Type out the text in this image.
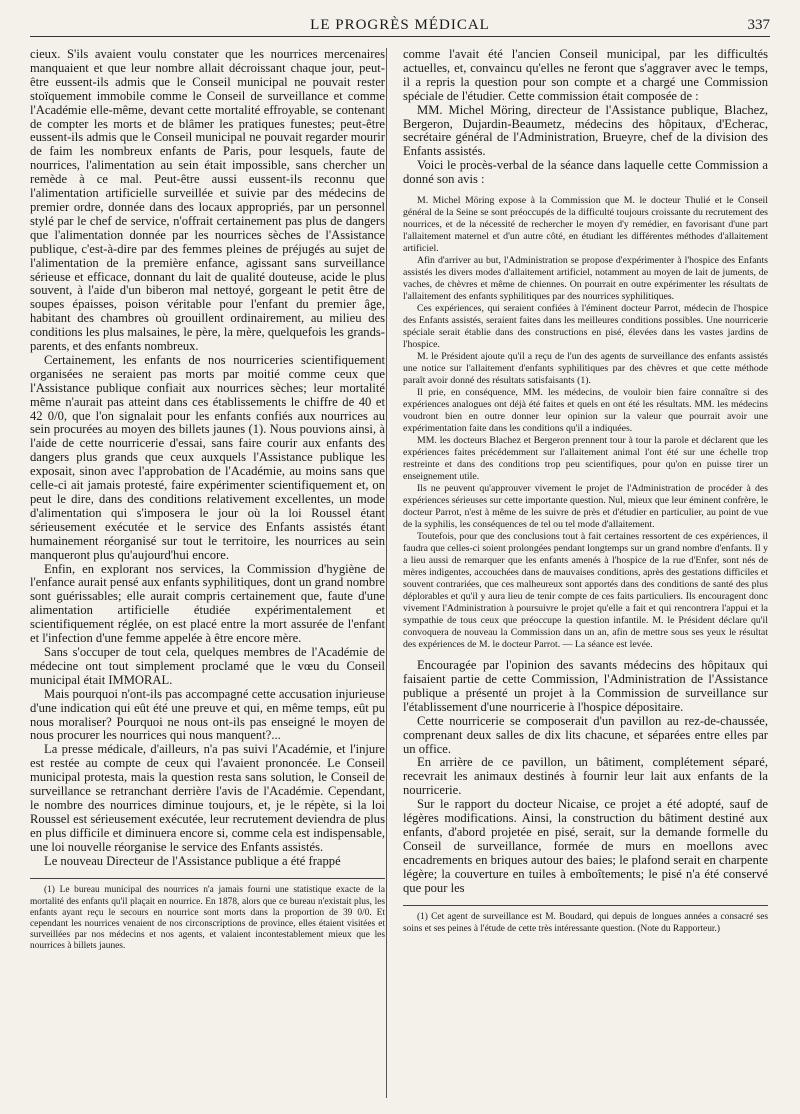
LE PROGRÈS MÉDICAL	337

cieux. S'ils avaient voulu constater que les nourrices mercenaires manquaient et que leur nombre allait décroissant chaque jour, peut-être eussent-ils admis que le Conseil municipal ne pouvait rester stoïquement immobile comme le Conseil de surveillance et comme l'Académie elle-même, devant cette mortalité effroyable, se contenant de compter les morts et de blâmer les pratiques funestes; peut-être eussent-ils admis que le Conseil municipal ne pouvait regarder mourir de faim les nombreux enfants de Paris, pour lesquels, faute de nourrices, l'alimentation au sein était impossible, sans chercher un remède à ce mal. Peut-être aussi eussent-ils reconnu que l'alimentation artificielle surveillée et suivie par des médecins de premier ordre, donnée dans des locaux appropriés, par un personnel stylé par le chef de service, n'offrait certainement pas plus de dangers que l'alimentation donnée par les nourrices sèches de l'Assistance publique, c'est-à-dire par des femmes pleines de préjugés au sujet de l'alimentation de la première enfance, agissant sans surveillance sérieuse et efficace, donnant du lait de qualité douteuse, acide le plus souvent, à l'aide d'un biberon mal nettoyé, gorgeant le petit être de soupes épaisses, poison véritable pour l'enfant du premier âge, habitant des chambres où grouillent ordinairement, au milieu des conditions les plus malsaines, le père, la mère, quelquefois les grands-parents, et des enfants nombreux.

Certainement, les enfants de nos nourriceries scientifiquement organisées ne seraient pas morts par moitié comme ceux que l'Assistance publique confiait aux nourrices sèches; leur mortalité même n'aurait pas atteint dans ces établissements le chiffre de 40 et 42 0/0, que l'on signalait pour les enfants confiés aux nourrices au sein procurées au moyen des billets jaunes (1). Nous pouvions ainsi, à l'aide de cette nourricerie d'essai, sans faire courir aux enfants des dangers plus grands que ceux auxquels l'Assistance publique les exposait, sinon avec l'approbation de l'Académie, au moins sans que celle-ci ait jamais protesté, faire expérimenter scientifiquement et, on peut le dire, dans des conditions relativement excellentes, un mode d'alimentation qui s'imposera le jour où la loi Roussel étant sérieusement exécutée et le service des Enfants assistés étant humainement réorganisé sur tout le territoire, les nourrices au sein manqueront plus qu'aujourd'hui encore.

Enfin, en explorant nos services, la Commission d'hygiène de l'enfance aurait pensé aux enfants syphilitiques, dont un grand nombre sont guérissables; elle aurait compris certainement que, faute d'une alimentation artificielle étudiée expérimentalement et scientifiquement réglée, on est placé entre la mort assurée de l'enfant et l'infection d'une femme appelée à être encore mère.

Sans s'occuper de tout cela, quelques membres de l'Académie de médecine ont tout simplement proclamé que le vœu du Conseil municipal était IMMORAL.

Mais pourquoi n'ont-ils pas accompagné cette accusation injurieuse d'une indication qui eût été une preuve et qui, en même temps, eût pu nous moraliser? Pourquoi ne nous ont-ils pas enseigné le moyen de nous procurer les nourrices qui nous manquent?...

La presse médicale, d'ailleurs, n'a pas suivi l'Académie, et l'injure est restée au compte de ceux qui l'avaient prononcée. Le Conseil municipal protesta, mais la question resta sans solution, le Conseil de surveillance se retranchant derrière l'avis de l'Académie. Cependant, le nombre des nourrices diminue toujours, et, je le répète, si la loi Roussel est sérieusement exécutée, leur recrutement deviendra de plus en plus difficile et diminuera encore si, comme cela est indispensable, une loi nouvelle réorganise le service des Enfants assistés.

Le nouveau Directeur de l'Assistance publique a été frappé

(1) Le bureau municipal des nourrices n'a jamais fourni une statistique exacte de la mortalité des enfants qu'il plaçait en nourrice. En 1878, alors que ce bureau n'existait plus, les enfants ayant reçu le secours en nourrice sont morts dans la proportion de 39 0/0. Et cependant les nourrices venaient de nos circonscriptions de province, elles étaient visitées et surveillées par nos médecins et nos agents, et valaient incontestablement mieux que les nourrices à billets jaunes.

comme l'avait été l'ancien Conseil municipal, par les difficultés actuelles, et, convaincu qu'elles ne feront que s'aggraver avec le temps, il a repris la question pour son compte et a chargé une Commission spéciale de l'étudier. Cette commission était composée de :

MM. Michel Möring, directeur de l'Assistance publique, Blachez, Bergeron, Dujardin-Beaumetz, médecins des hôpitaux, d'Echerac, secrétaire général de l'Administration, Brueyre, chef de la division des Enfants assistés.

Voici le procès-verbal de la séance dans laquelle cette Commission a donné son avis :

M. Michel Möring expose à la Commission que M. le docteur Thulié et le Conseil général de la Seine se sont préoccupés de la difficulté toujours croissante du recrutement des nourrices, et de la nécessité de rechercher le moyen d'y remédier, en favorisant d'une part l'allaitement maternel et d'un autre côté, en étudiant les différentes méthodes d'allaitement artificiel.

Afin d'arriver au but, l'Administration se propose d'expérimenter à l'hospice des Enfants assistés les divers modes d'allaitement artificiel, notamment au moyen de lait de juments, de vaches, de chèvres et même de chiennes. On pourrait en outre expérimenter les résultats de l'allaitement des enfants syphilitiques par des nourrices syphilitiques.

Ces expériences, qui seraient confiées à l'éminent docteur Parrot, médecin de l'hospice des Enfants assistés, seraient faites dans les meilleures conditions possibles. Une nourricerie spéciale serait établie dans des constructions en pisé, élevées dans les vastes jardins de l'hospice.

M. le Président ajoute qu'il a reçu de l'un des agents de surveillance des enfants assistés une notice sur l'allaitement d'enfants syphilitiques par des chèvres et que cette méthode paraît avoir donné des résultats satisfaisants (1).

Il prie, en conséquence, MM. les médecins, de vouloir bien faire connaître si des expériences analogues ont déjà été faites et quels en ont été les résultats. MM. les médecins voudront bien en outre donner leur opinion sur la valeur que pourrait avoir une expérimentation faite dans les conditions qu'il a indiquées.

MM. les docteurs Blachez et Bergeron prennent tour à tour la parole et déclarent que les expériences faites précédemment sur l'allaitement animal l'ont été sur une échelle trop restreinte et dans des conditions trop peu scientifiques, pour qu'on en puisse tirer un enseignement utile.

Ils ne peuvent qu'approuver vivement le projet de l'Administration de procéder à des expériences sérieuses sur cette importante question. Nul, mieux que leur éminent confrère, le docteur Parrot, n'est à même de les suivre de près et d'étudier en particulier, au point de vue de la syphilis, les conséquences de tel ou tel mode d'allaitement.

Toutefois, pour que des conclusions tout à fait certaines ressortent de ces expériences, il faudra que celles-ci soient prolongées pendant longtemps sur un grand nombre d'enfants. Il y a lieu aussi de remarquer que les enfants amenés à l'hospice de la rue d'Enfer, sont nés de mères indigentes, accouchées dans de mauvaises conditions, après des gestations difficiles et souvent contrariées, que ces malheureux sont apportés dans des conditions de santé des plus déplorables et qu'il y aura lieu de tenir compte de ces faits particuliers. Ils encouragent donc vivement l'Administration à poursuivre le projet qu'elle a fait et qui rencontrera l'appui et la sympathie de tous ceux que préoccupe la question infantile. M. le Président déclare qu'il convoquera de nouveau la Commission dans un an, afin de mettre sous ses yeux le résultat des expériences de M. le docteur Parrot. — La séance est levée.

Encouragée par l'opinion des savants médecins des hôpitaux qui faisaient partie de cette Commission, l'Administration de l'Assistance publique a présenté un projet à la Commission de surveillance sur l'établissement d'une nourricerie à l'hospice dépositaire.

Cette nourricerie se composerait d'un pavillon au rez-de-chaussée, comprenant deux salles de dix lits chacune, et séparées entre elles par un office.

En arrière de ce pavillon, un bâtiment, complétement séparé, recevrait les animaux destinés à fournir leur lait aux enfants de la nourricerie.

Sur le rapport du docteur Nicaise, ce projet a été adopté, sauf de légères modifications. Ainsi, la construction du bâtiment destiné aux enfants, d'abord projetée en pisé, serait, sur la demande formelle du Conseil de surveillance, formée de murs en moellons avec encadrements en briques autour des baies; le plafond serait en charpente légère; la couverture en tuiles à emboîtements; le pisé n'a été conservé que pour les

(1) Cet agent de surveillance est M. Boudard, qui depuis de longues années a consacré ses soins et ses peines à l'étude de cette très intéressante question. (Note du Rapporteur.)
